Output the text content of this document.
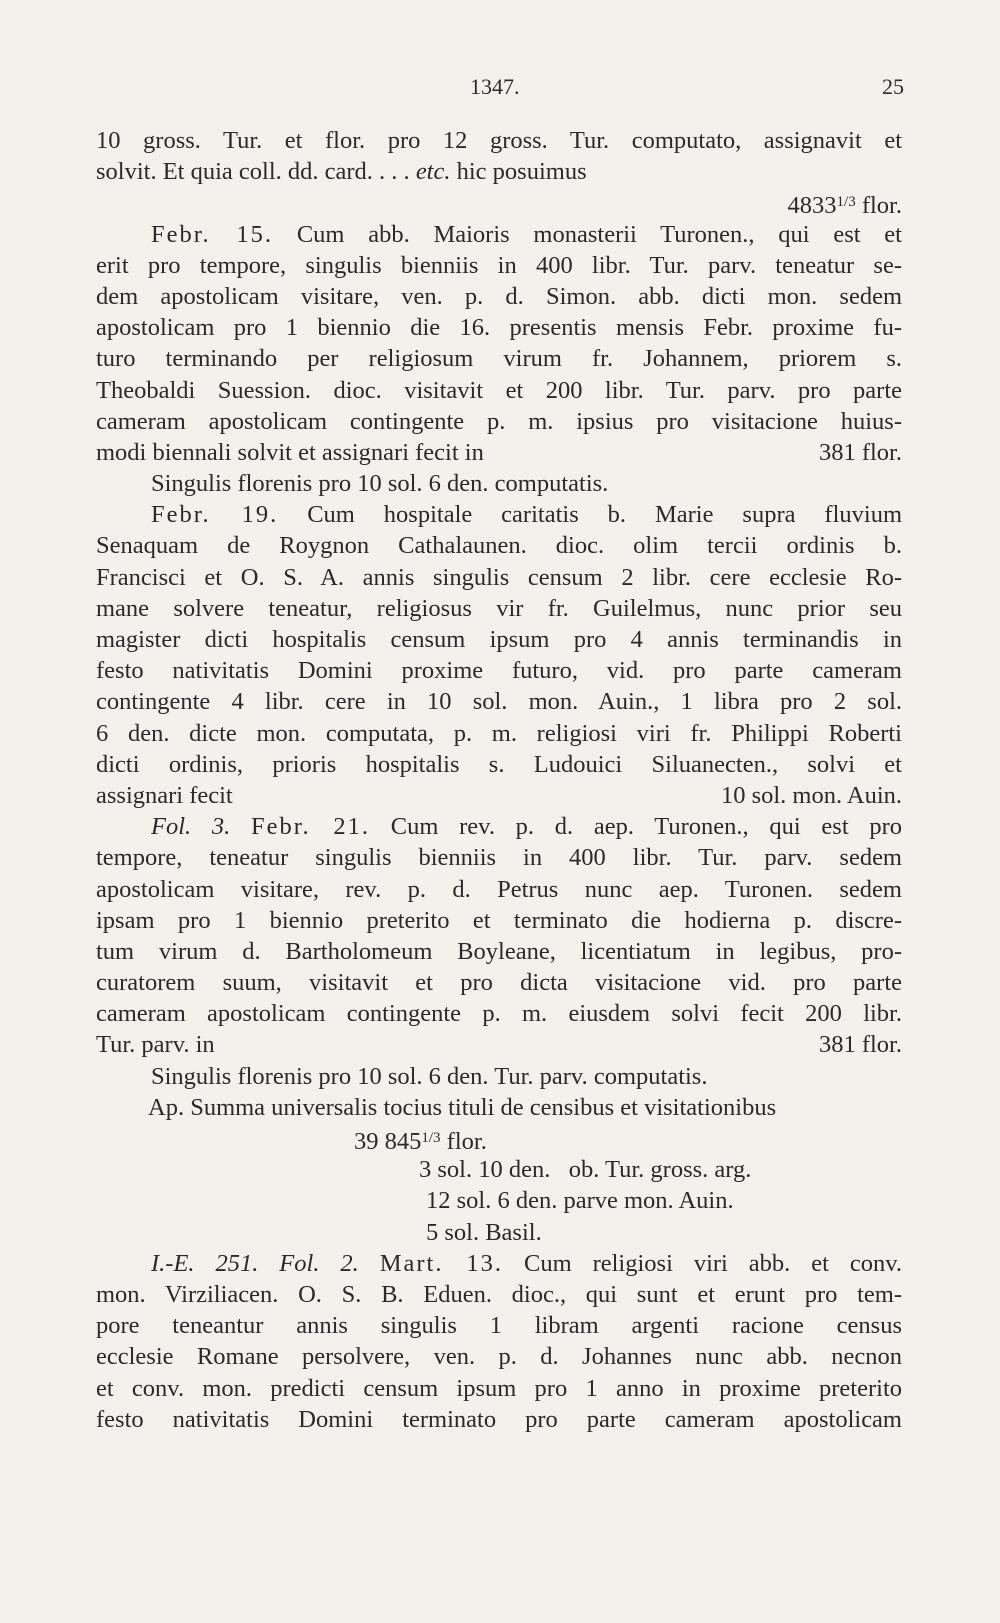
1347.	25
10 gross. Tur. et flor. pro 12 gross. Tur. computato, assignavit et
solvit. Et quia coll. dd. card. . . . etc. hic posuimus
$4833^{1/3}$ flor.
Febr. 15. Cum abb. Maioris monasterii Turonen., qui est et
erit pro tempore, singulis bienniis in 400 libr. Tur. parv. teneatur se-
dem apostolicam visitare, ven. p. d. Simon. abb. dicti mon. sedem
apostolicam pro 1 biennio die 16. presentis mensis Febr. proxime fu-
turo terminando per religiosum virum fr. Johannem, priorem s.
Theobaldi Suession. dioc. visitavit et 200 libr. Tur. parv. pro parte
cameram apostolicam contingente p. m. ipsius pro visitacione huius-
modi biennali solvit et assignari fecit in	381 flor.
Singulis florenis pro 10 sol. 6 den. computatis.
Febr. 19. Cum hospitale caritatis b. Marie supra fluvium
Senaquam de Roygnon Cathalaunen. dioc. olim tercii ordinis b.
Francisci et O. S. A. annis singulis censum 2 libr. cere ecclesie Ro-
mane solvere teneatur, religiosus vir fr. Guilelmus, nunc prior seu
magister dicti hospitalis censum ipsum pro 4 annis terminandis in
festo nativitatis Domini proxime futuro, vid. pro parte cameram
contingente 4 libr. cere in 10 sol. mon. Auin., 1 libra pro 2 sol.
6 den. dicte mon. computata, p. m. religiosi viri fr. Philippi Roberti
dicti ordinis, prioris hospitalis s. Ludouici Siluanecten., solvi et
assignari fecit	10 sol. mon. Auin.
Fol. 3. Febr. 21. Cum rev. p. d. aep. Turonen., qui est pro
tempore, teneatur singulis bienniis in 400 libr. Tur. parv. sedem
apostolicam visitare, rev. p. d. Petrus nunc aep. Turonen. sedem
ipsam pro 1 biennio preterito et terminato die hodierna p. discre-
tum virum d. Bartholomeum Boyleane, licentiatum in legibus, pro-
curatorem suum, visitavit et pro dicta visitacione vid. pro parte
cameram apostolicam contingente p. m. eiusdem solvi fecit 200 libr.
Tur. parv. in	381 flor.
Singulis florenis pro 10 sol. 6 den. Tur. parv. computatis.
Ap. Summa universalis tocius tituli de censibus et visitationibus
39 $845^{1/3}$ flor.
3 sol. 10 den.   ob. Tur. gross. arg.
12 sol. 6 den. parve mon. Auin.
5 sol. Basil.
I.-E. 251. Fol. 2. Mart. 13. Cum religiosi viri abb. et conv.
mon. Virziliacen. O. S. B. Eduen. dioc., qui sunt et erunt pro tem-
pore teneantur annis singulis 1 libram argenti racione census
ecclesie Romane persolvere, ven. p. d. Johannes nunc abb. necnon
et conv. mon. predicti censum ipsum pro 1 anno in proxime preterito
festo nativitatis Domini terminato pro parte cameram apostolicam
